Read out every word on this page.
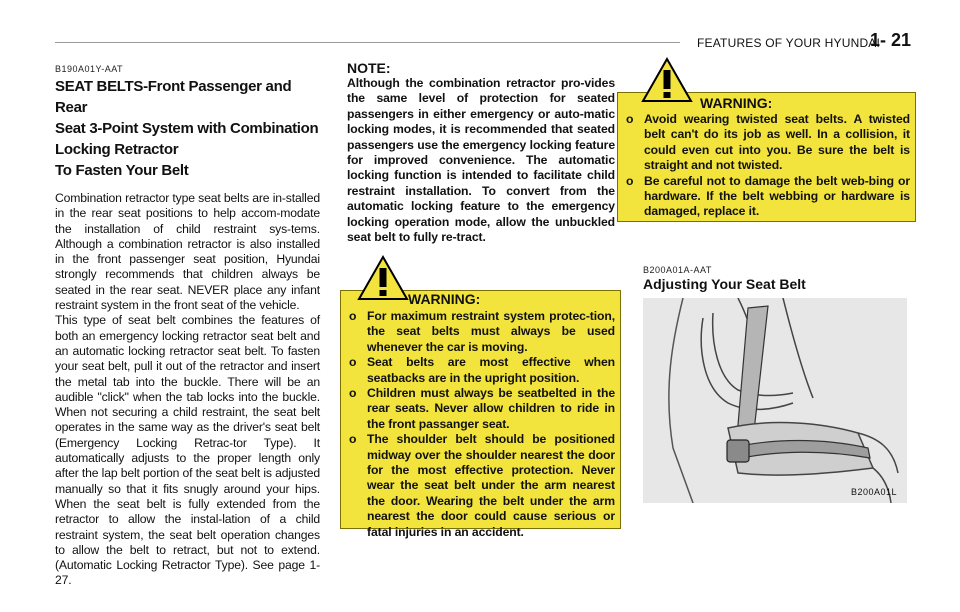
FEATURES OF YOUR HYUNDAI
1- 21
B190A01Y-AAT
SEAT BELTS-Front Passenger and Rear
Seat 3-Point System with Combination
Locking Retractor
To Fasten Your Belt
Combination retractor type seat belts are in-stalled in the rear seat positions to help accom-modate the installation of child restraint sys-tems. Although a combination retractor is also installed in the front passenger seat position, Hyundai strongly recommends that children always be seated in the rear seat. NEVER place any infant restraint system in the front seat of the vehicle.
This type of seat belt combines the features of both an emergency locking retractor seat belt and an automatic locking retractor seat belt. To fasten your seat belt, pull it out of the retractor and insert the metal tab into the buckle. There will be an audible "click" when the tab locks into the buckle. When not securing a child restraint, the seat belt operates in the same way as the driver's seat belt (Emergency Locking Retrac-tor Type). It automatically adjusts to the proper length only after the lap belt portion of the seat belt is adjusted manually so that it fits snugly around your hips. When the seat belt is fully extended from the retractor to allow the instal-lation of a child restraint system, the seat belt operation changes to allow the belt to retract, but not to extend. (Automatic Locking Retractor Type). See page 1-27.
NOTE:
Although the combination retractor pro-vides the same level of protection for seated passengers in either emergency or auto-matic locking modes, it is recommended that seated passengers use the emergency locking feature for improved convenience. The automatic locking function is intended to facilitate child restraint installation. To convert from the automatic locking feature to the emergency locking operation mode, allow the unbuckled seat belt to fully re-tract.
WARNING:
o For maximum restraint system protec-tion, the seat belts must always be used whenever the car is moving.
o Seat belts are most effective when seatbacks are in the upright position.
o Children must always be seatbelted in the rear seats. Never allow children to ride in the front passanger seat.
o The shoulder belt should be positioned midway over the shoulder nearest the door for the most effective protection. Never wear the seat belt under the arm nearest the door. Wearing the belt under the arm nearest the door could cause serious or fatal injuries in an accident.
WARNING:
o Avoid wearing twisted seat belts. A twisted belt can't do its job as well. In a collision, it could even cut into you. Be sure the belt is straight and not twisted.
o Be careful not to damage the belt web-bing or hardware. If the belt webbing or hardware is damaged, replace it.
B200A01A-AAT
Adjusting Your Seat Belt
B200A01L
